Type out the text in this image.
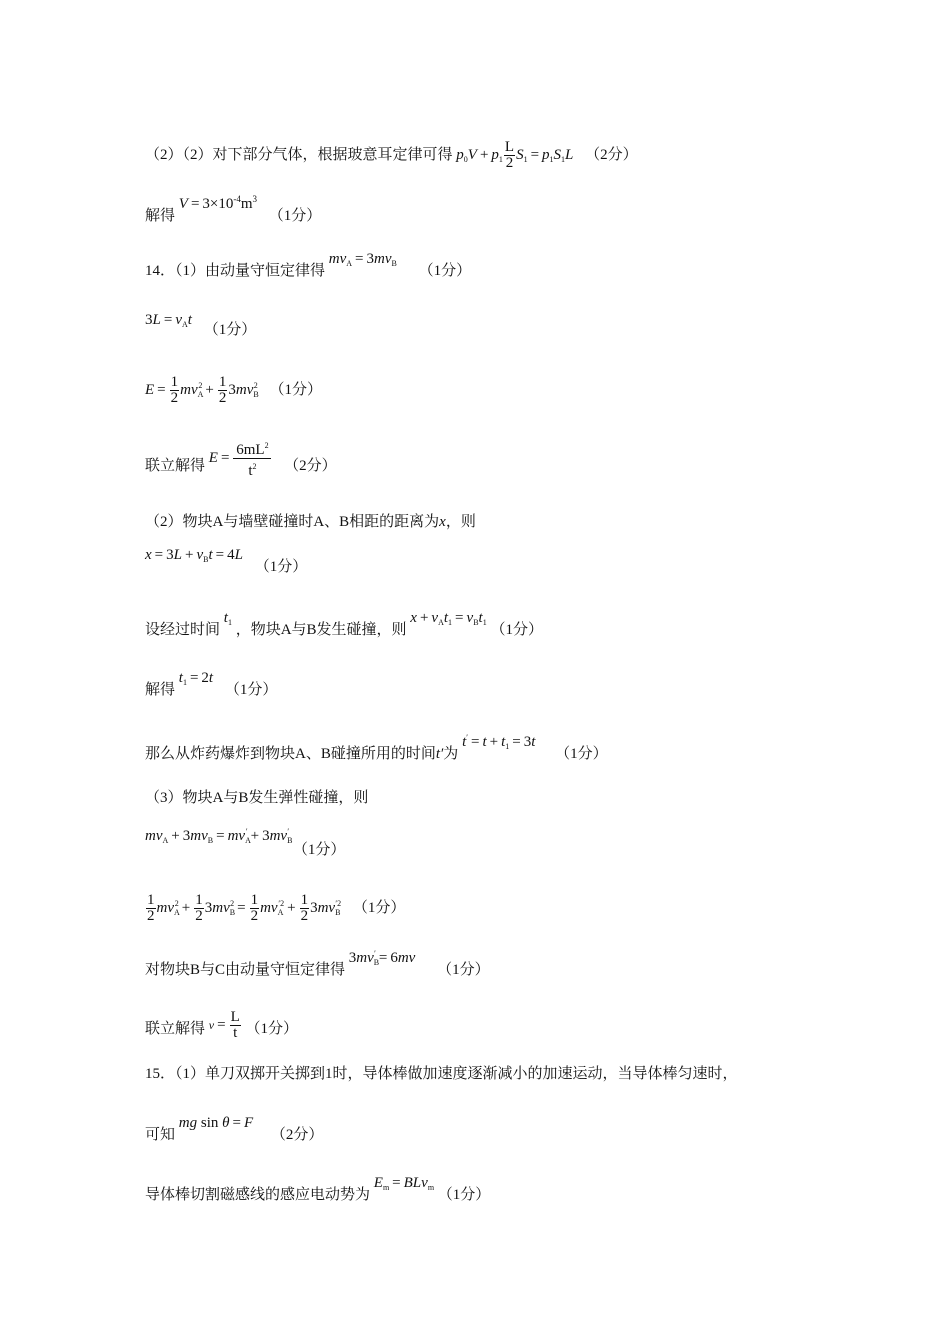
（2）（2）对下部分气体，根据玻意耳定律可得 $p_0V + p_1 \frac{L}{2} S_1 = p_1S_1L$ （2分）
解得 $V = 3\times 10^{-4}m^3$ （1分）
14．（1）由动量守恒定律得 $mv_A = 3mv_B$ （1分）
$3L = v_At$ （1分）
$E = \frac{1}{2} mv_A^2 + \frac{1}{2} 3mv_B^2$ （1分）
联立解得 $E = \frac{6mL^2}{t^2} (2$分）
（2）物块A与墙壁碰撞时A、B相距的距离为x，则
$x = 3L + v_Bt = 4L$ （1分）
设经过时间 $t_1$ ，物块A与B发生碰撞，则 $x + v_At_1 = v_Bt_1$ （1分）
解得 $t_1 = 2t$ （1分）
那么从炸药爆炸到物块A、B碰撞所用的时间t′为 $t' = t + t_1 = 3t$ （1分）
（3）物块A与B发生弹性碰撞，则
$mv_A + 3mv_B = mv_A' + 3mv_B'$ （1分）
$\frac{1}{2} mv_A^2 + \frac{1}{2} 3mv_B^2 = \frac{1}{2} mv_A^{'2} + \frac{1}{2} 3mv_B^{'2}$ （1分）
对物块B与C由动量守恒定律得 $3mv_B' = 6mv$ （1分）
联立解得 $v = \frac{L}{t} (1$分）
15．（1）单刀双掷开关掷到1时，导体棒做加速度逐渐减小的加速运动，当导体棒匀速时，
可知 mg sin θ = F （2分）
导体棒切割磁感线的感应电动势为 $E_m = BLv_m$ （1分）
